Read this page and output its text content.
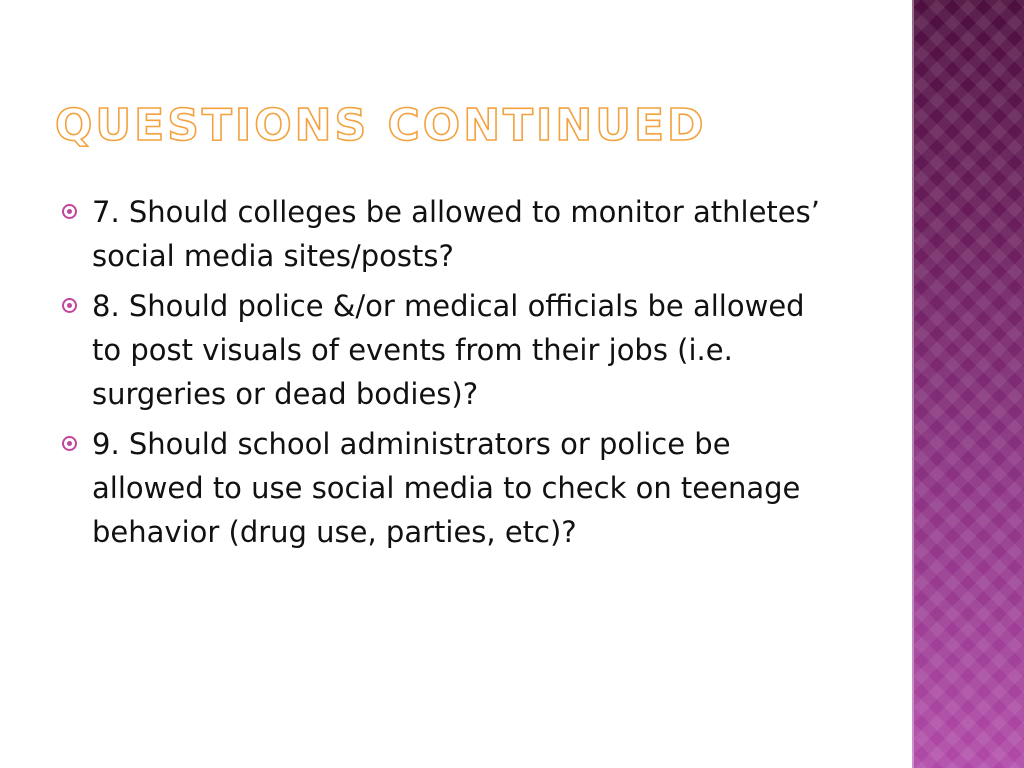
QUESTIONS CONTINUED
7. Should colleges be allowed to monitor athletes’ social media sites/posts?
8. Should police &/or medical officials be allowed to post visuals of events from their jobs (i.e. surgeries or dead bodies)?
9. Should school administrators or police be allowed to use social media to check on teenage behavior (drug use, parties, etc)?
